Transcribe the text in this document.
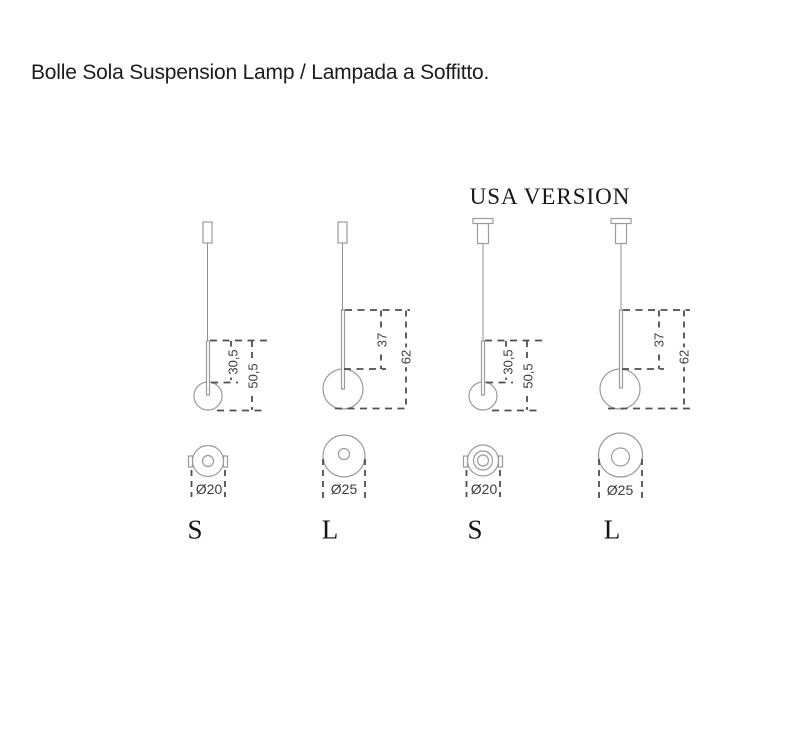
Bolle Sola Suspension Lamp / Lampada a Soffitto.
USA VERSION
30,5
50,5
37
62	30,5
50,5
37
62
Ø20	Ø25	Ø20	Ø25
S	L	S	L
